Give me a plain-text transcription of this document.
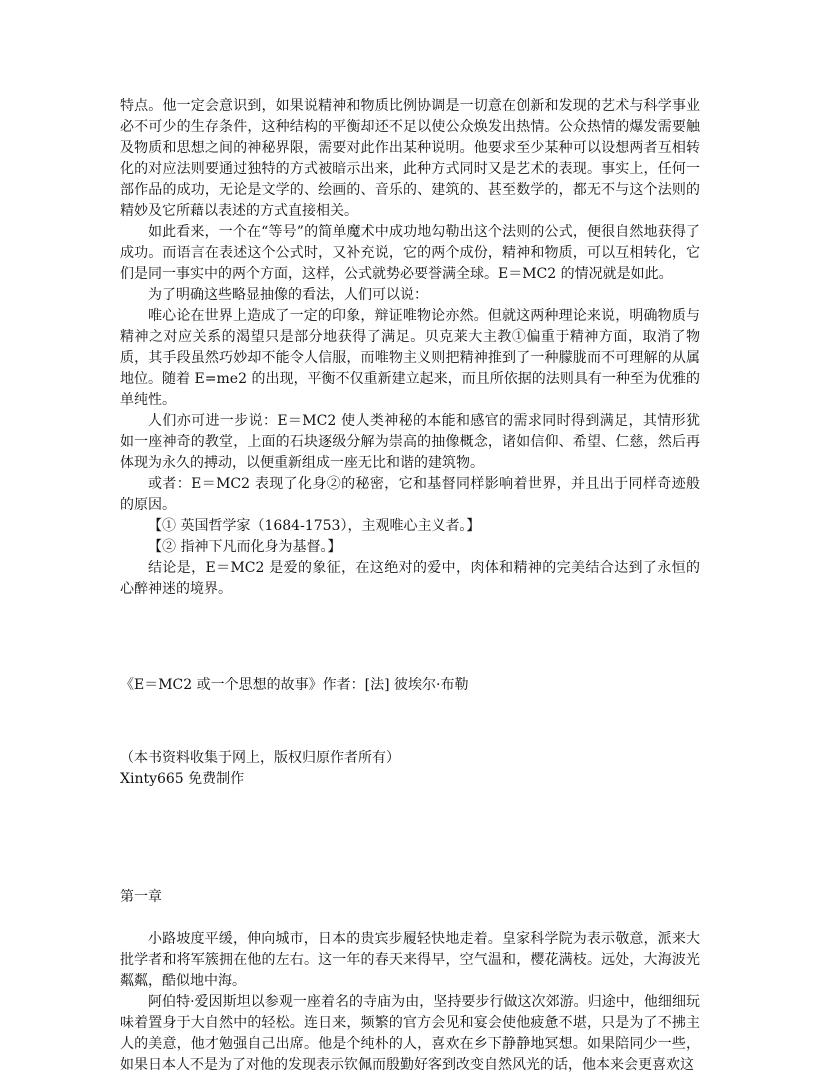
特点。他一定会意识到，如果说精神和物质比例协调是一切意在创新和发现的艺术与科学事业必不可少的生存条件，这种结构的平衡却还不足以使公众焕发出热情。公众热情的爆发需要触及物质和思想之间的神秘界限，需要对此作出某种说明。他要求至少某种可以设想两者互相转化的对应法则要通过独特的方式被暗示出来，此种方式同时又是艺术的表现。事实上，任何一部作品的成功，无论是文学的、绘画的、音乐的、建筑的、甚至数学的，都无不与这个法则的精妙及它所藉以表述的方式直接相关。

如此看来，一个在“等号”的简单魔术中成功地勾勒出这个法则的公式，便很自然地获得了成功。而语言在表述这个公式时，又补充说，它的两个成份，精神和物质，可以互相转化，它们是同一事实中的两个方面，这样，公式就势必要誉满全球。E＝MC2 的情况就是如此。

为了明确这些略显抽像的看法，人们可以说：

唯心论在世界上造成了一定的印象，辩证唯物论亦然。但就这两种理论来说，明确物质与精神之对应关系的渴望只是部分地获得了满足。贝克莱大主教①偏重于精神方面，取消了物质，其手段虽然巧妙却不能令人信服，而唯物主义则把精神推到了一种朦胧而不可理解的从属地位。随着 E=me2 的出现，平衡不仅重新建立起来，而且所依据的法则具有一种至为优雅的单纯性。

人们亦可进一步说：E＝MC2 使人类神秘的本能和感官的需求同时得到满足，其情形犹如一座神奇的教堂，上面的石块逐级分解为崇高的抽像概念，诸如信仰、希望、仁慈，然后再体现为永久的搏动，以便重新组成一座无比和谐的建筑物。

或者：E＝MC2 表现了化身②的秘密，它和基督同样影响着世界，并且出于同样奇迹般的原因。

【① 英国哲学家（1684-1753），主观唯心主义者。】

【② 指神下凡而化身为基督。】

结论是，E＝MC2 是爱的象征，在这绝对的爱中，肉体和精神的完美结合达到了永恒的心醉神迷的境界。

《E＝MC2 或一个思想的故事》作者：[法] 彼埃尔·布勒

（本书资料收集于网上，版权归原作者所有）

Xinty665 免费制作

第一章

小路坡度平缓，伸向城市，日本的贵宾步履轻快地走着。皇家科学院为表示敬意，派来大批学者和将军簇拥在他的左右。这一年的春天来得早，空气温和，樱花满枝。远处，大海波光粼粼，酷似地中海。

阿伯特·爱因斯坦以参观一座着名的寺庙为由，坚持要步行做这次郊游。归途中，他细细玩味着置身于大自然中的轻松。连日来，频繁的官方会见和宴会使他疲惫不堪，只是为了不拂主人的美意，他才勉强自己出席。他是个纯朴的人，喜欢在乡下静静地冥想。如果陪同少一些，如果日本人不是为了对他的发现表示钦佩而殷勤好客到改变自然风光的话，他本来会更喜欢这
